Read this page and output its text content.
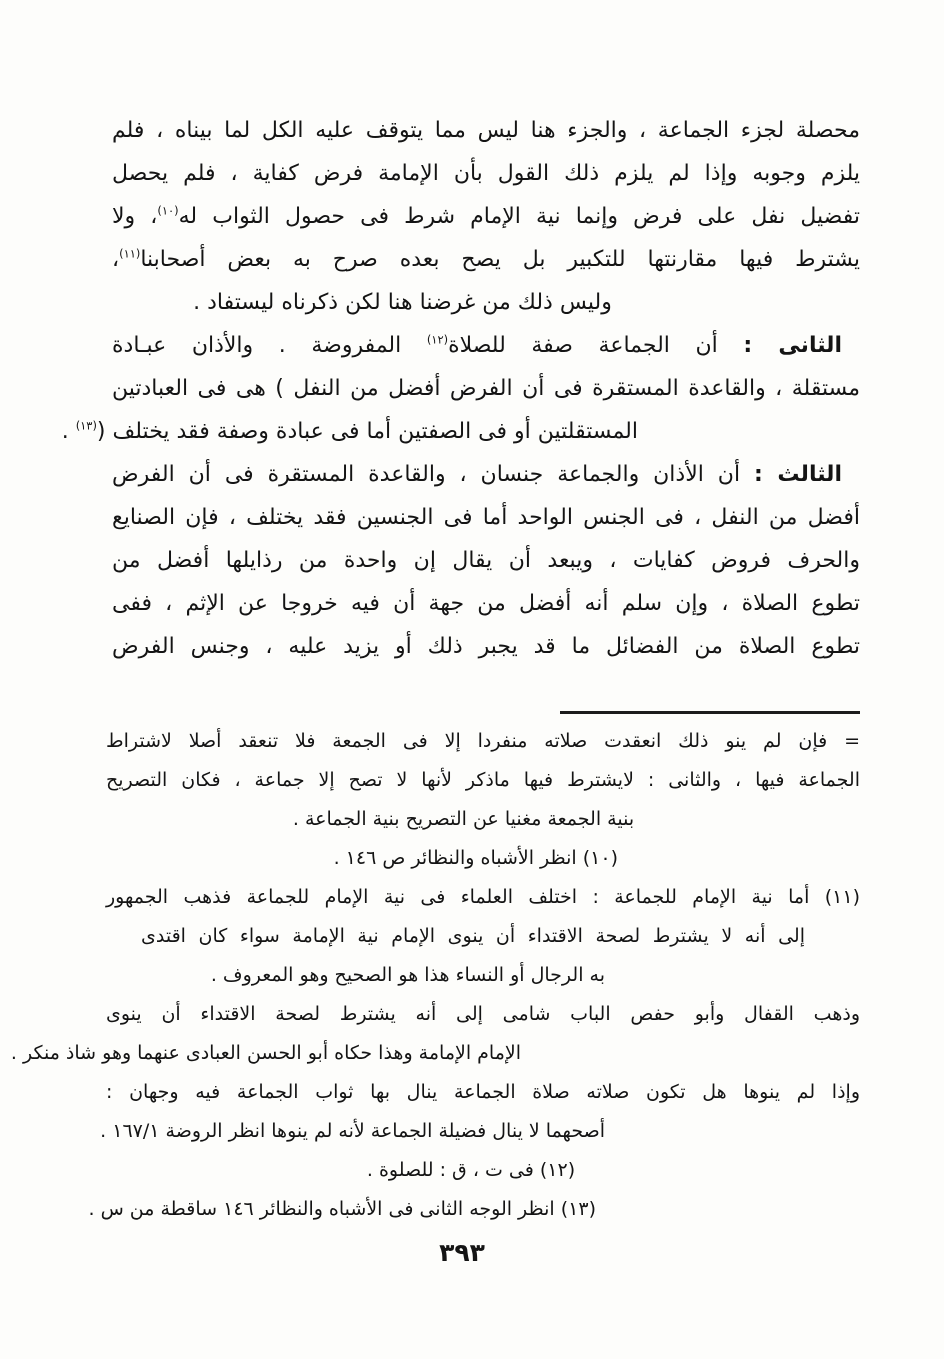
محصلة لجزء الجماعة ، والجزء هنا ليس مما يتوقف عليه الكل لما بيناه ، فلم
يلزم وجوبه وإذا لم يلزم ذلك القول بأن الإمامة فرض كفاية ، فلم يحصل
تفضيل نفل على فرض وإنما نية الإمام شرط فى حصول الثواب له$^{(١٠)}$، ولا
يشترط فيها مقارنتها للتكبير بل يصح بعده صرح به بعض أصحابنا$^{(١١)}$،
وليس ذلك من غرضنا هنا لكن ذكرناه ليستفاد .
الثانى : أن الجماعة صفة للصلاة$^{(١٢)}$ المفروضة . والأذان عبـادة
مستقلة ، والقاعدة المستقرة فى أن الفرض أفضل من النفل ) هى فى العبادتين
المستقلتين أو فى الصفتين أما فى عبادة وصفة فقد يختلف ($^{(١٣)}$ .
الثالث : أن الأذان والجماعة جنسان ، والقاعدة المستقرة فى أن الفرض
أفضل من النفل ، فى الجنس الواحد أما فى الجنسين فقد يختلف ، فإن الصنايع
والحرف فروض كفايات ، ويبعد أن يقال إن واحدة من رذايلها أفضل من
تطوع الصلاة ، وإن سلم أنه أفضل من جهة أن فيه خروجا عن الإثم ، ففى
تطوع الصلاة من الفضائل ما قد يجبر ذلك أو يزيد عليه ، وجنس الفرض
= فإن لم ينو ذلك انعقدت صلاته منفردا إلا فى الجمعة فلا تنعقد أصلا لاشتراط
الجماعة فيها ، والثانى : لايشترط فيها ماذكر لأنها لا تصح إلا جماعة ، فكان التصريح
بنية الجمعة مغنيا عن التصريح بنية الجماعة .
(١٠) انظر الأشباه والنظائر ص ١٤٦ .
(١١) أما نية الإمام للجماعة : اختلف العلماء فى نية الإمام للجماعة فذهب الجمهور
إلى أنه لا يشترط لصحة الاقتداء أن ينوى الإمام نية الإمامة سواء كان اقتدى
به الرجال أو النساء هذا هو الصحيح وهو المعروف .
وذهب القفال وأبو حفص الباب شامى إلى أنه يشترط لصحة الاقتداء أن ينوى
الإمام الإمامة وهذا حكاه أبو الحسن العبادى عنهما وهو شاذ منكر .
وإذا لم ينوها هل تكون صلاته صلاة الجماعة ينال بها ثواب الجماعة فيه وجهان :
أصحهما لا ينال فضيلة الجماعة لأنه لم ينوها انظر الروضة ١٦٧/١ .
(١٢) فى ت ، ق : للصلوة .
(١٣) انظر الوجه الثانى فى الأشباه والنظائر ١٤٦ ساقطة من س .
٣٩٣
